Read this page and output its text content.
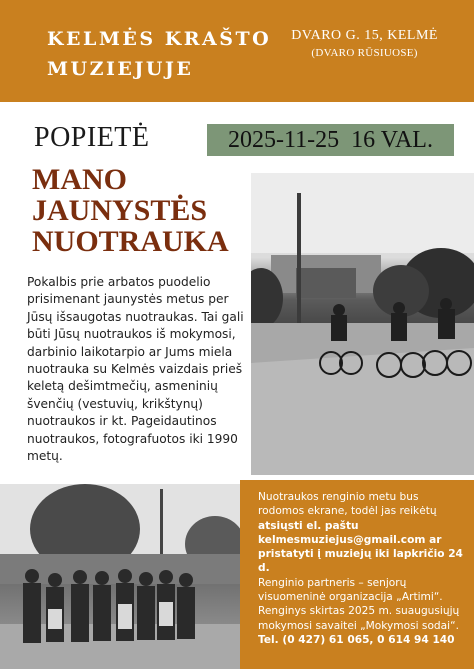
KELMĖS KRAŠTO
MUZIEJUJE
DVARO G. 15, KELMĖ
(DVARO RŪSIUOSE)
POPIETĖ	2025-11-25 16 VAL.
MANO
JAUNYSTĖS
NUOTRAUKA
Pokalbis prie arbatos puodelio
prisimenant jaunystės metus per
Jūsų išsaugotas nuotraukas. Tai gali
būti Jūsų nuotraukos iš mokymosi,
darbinio laikotarpio ar Jums miela
nuotrauka su Kelmės vaizdais prieš
keletą dešimtmečių, asmeninių
švenčių (vestuvių, krikštynų)
nuotraukos ir kt. Pageidautinos
nuotraukos, fotografuotos iki 1990
metų.
Nuotraukos renginio metu bus
rodomos ekrane, todėl jas reikėtų
atsiųsti el. paštu
kelmesmuziejus@gmail.com ar
pristatyti į muziejų iki lapkričio 24 d.
Renginio partneris – senjorų
visuomeninė organizacija „Artimi“.
Renginys skirtas 2025 m. suaugusiųjų
mokymosi savaitei „Mokymosi sodai“.
Tel. (0 427) 61 065, 0 614 94 140
